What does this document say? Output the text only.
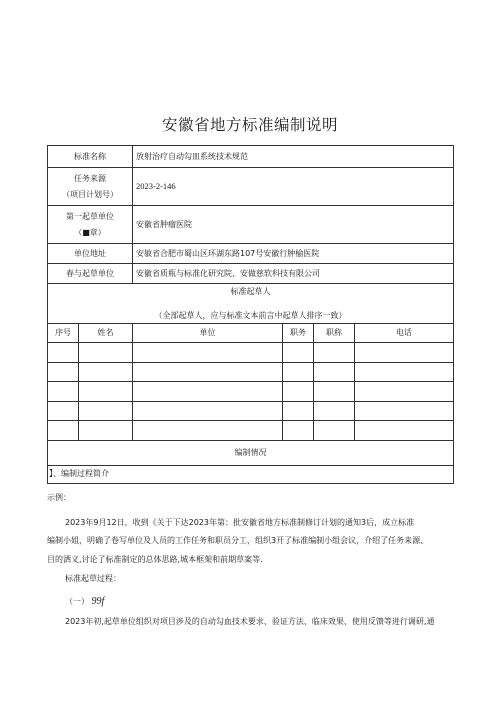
安徽省地方标准编制说明
标准名称		放射治疗自动勾皿系统技术规范			
任务来源
（项目计划号）		2023-2-146			
第一起草单位
（■章）		安徽省肿瘤医院			
单位地址		安敏省合肥市蜀山区环湖东路107号安徽行肿榆医院			
春与起草单位		安徽省质瓶与标准化研究院、安做慈软科技有限公司			
标准起草人
（全部起草人，应与标准文本前言中起草人排序一致）					

序号	姓名	单位	职务	职称	电话

编制情况					
】、编制过程简介					
示例：
2023年9月12日，收到《关于下达2023年第：批安徽省地方标准制修订计划的通知3后，成立标准
编制小姐，明确了卷写单位及人员的工作任务和职员分工，组织3开了标准编制小组会议，介绍了任务来源、
目的洒义,讨论了标准制定的总体思路,城本框架和前期草案等.
标准起草过程：
（一） 99f
2023年初,起草单位组织对项目涉及的自动勾血技术要求、验证方法、临床效果、使用反馈等进行调研,通
